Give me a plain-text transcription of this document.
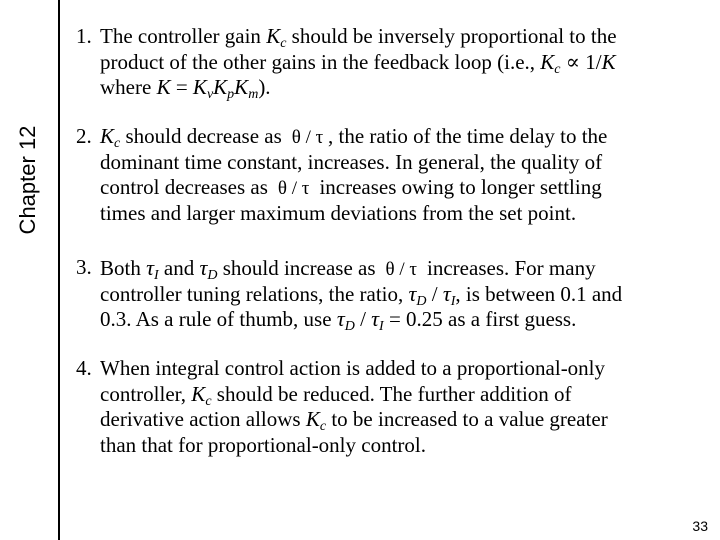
Chapter 12
1. The controller gain $K_c$ should be inversely proportional to the
product of the other gains in the feedback loop (i.e., $K_c \propto 1/K$
where $K = K_vK_pK_m$).
2. $K_c$ should decrease as  θ / τ , the ratio of the time delay to the
dominant time constant, increases. In general, the quality of
control decreases as  θ / τ  increases owing to longer settling
times and larger maximum deviations from the set point.
3. Both $\tau_I$ and $\tau_D$ should increase as  θ / τ  increases. For many
controller tuning relations, the ratio, $\tau_D / \tau_I$, is between 0.1 and
0.3. As a rule of thumb, use $\tau_D / \tau_I = 0.25$ as a first guess.
4. When integral control action is added to a proportional-only
controller, $K_c$ should be reduced. The further addition of
derivative action allows $K_c$ to be increased to a value greater
than that for proportional-only control.
33
